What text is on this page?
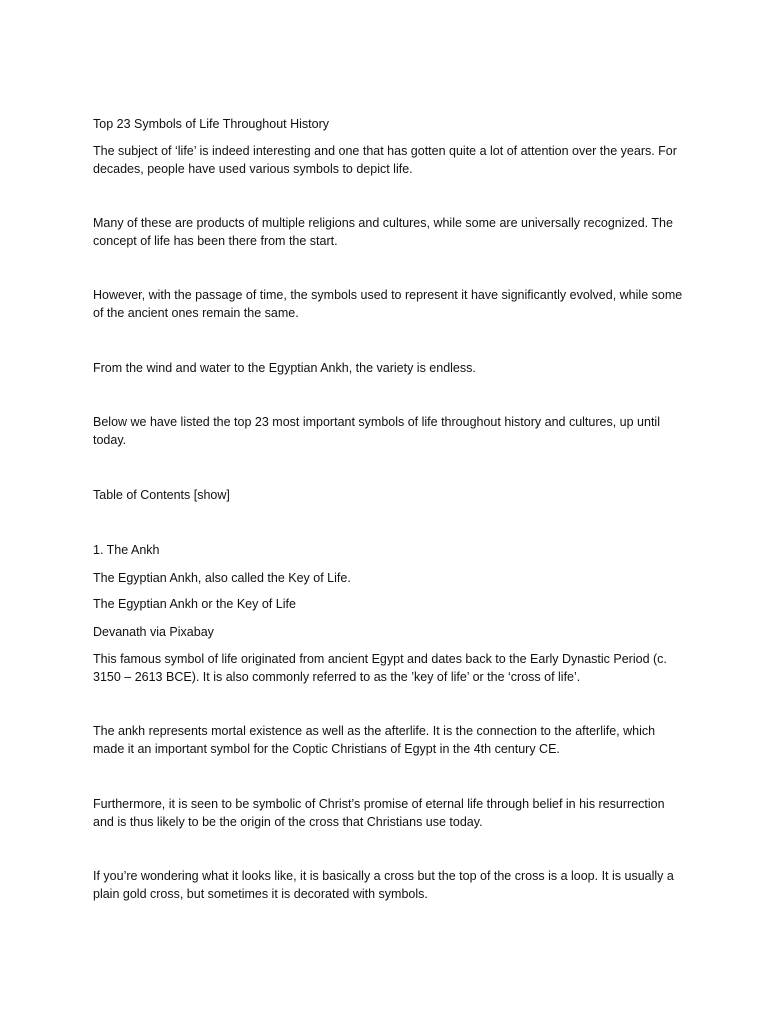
Top 23 Symbols of Life Throughout History

The subject of ‘life’ is indeed interesting and one that has gotten quite a lot of attention over the years. For decades, people have used various symbols to depict life.

Many of these are products of multiple religions and cultures, while some are universally recognized. The concept of life has been there from the start.

However, with the passage of time, the symbols used to represent it have significantly evolved, while some of the ancient ones remain the same.

From the wind and water to the Egyptian Ankh, the variety is endless.

Below we have listed the top 23 most important symbols of life throughout history and cultures, up until today.

Table of Contents [show]

1. The Ankh

The Egyptian Ankh, also called the Key of Life.

The Egyptian Ankh or the Key of Life

Devanath via Pixabay

This famous symbol of life originated from ancient Egypt and dates back to the Early Dynastic Period (c. 3150 – 2613 BCE). It is also commonly referred to as the ’key of life’ or the ‘cross of life’.

The ankh represents mortal existence as well as the afterlife. It is the connection to the afterlife, which made it an important symbol for the Coptic Christians of Egypt in the 4th century CE.

Furthermore, it is seen to be symbolic of Christ’s promise of eternal life through belief in his resurrection and is thus likely to be the origin of the cross that Christians use today.

If you’re wondering what it looks like, it is basically a cross but the top of the cross is a loop. It is usually a plain gold cross, but sometimes it is decorated with symbols.
